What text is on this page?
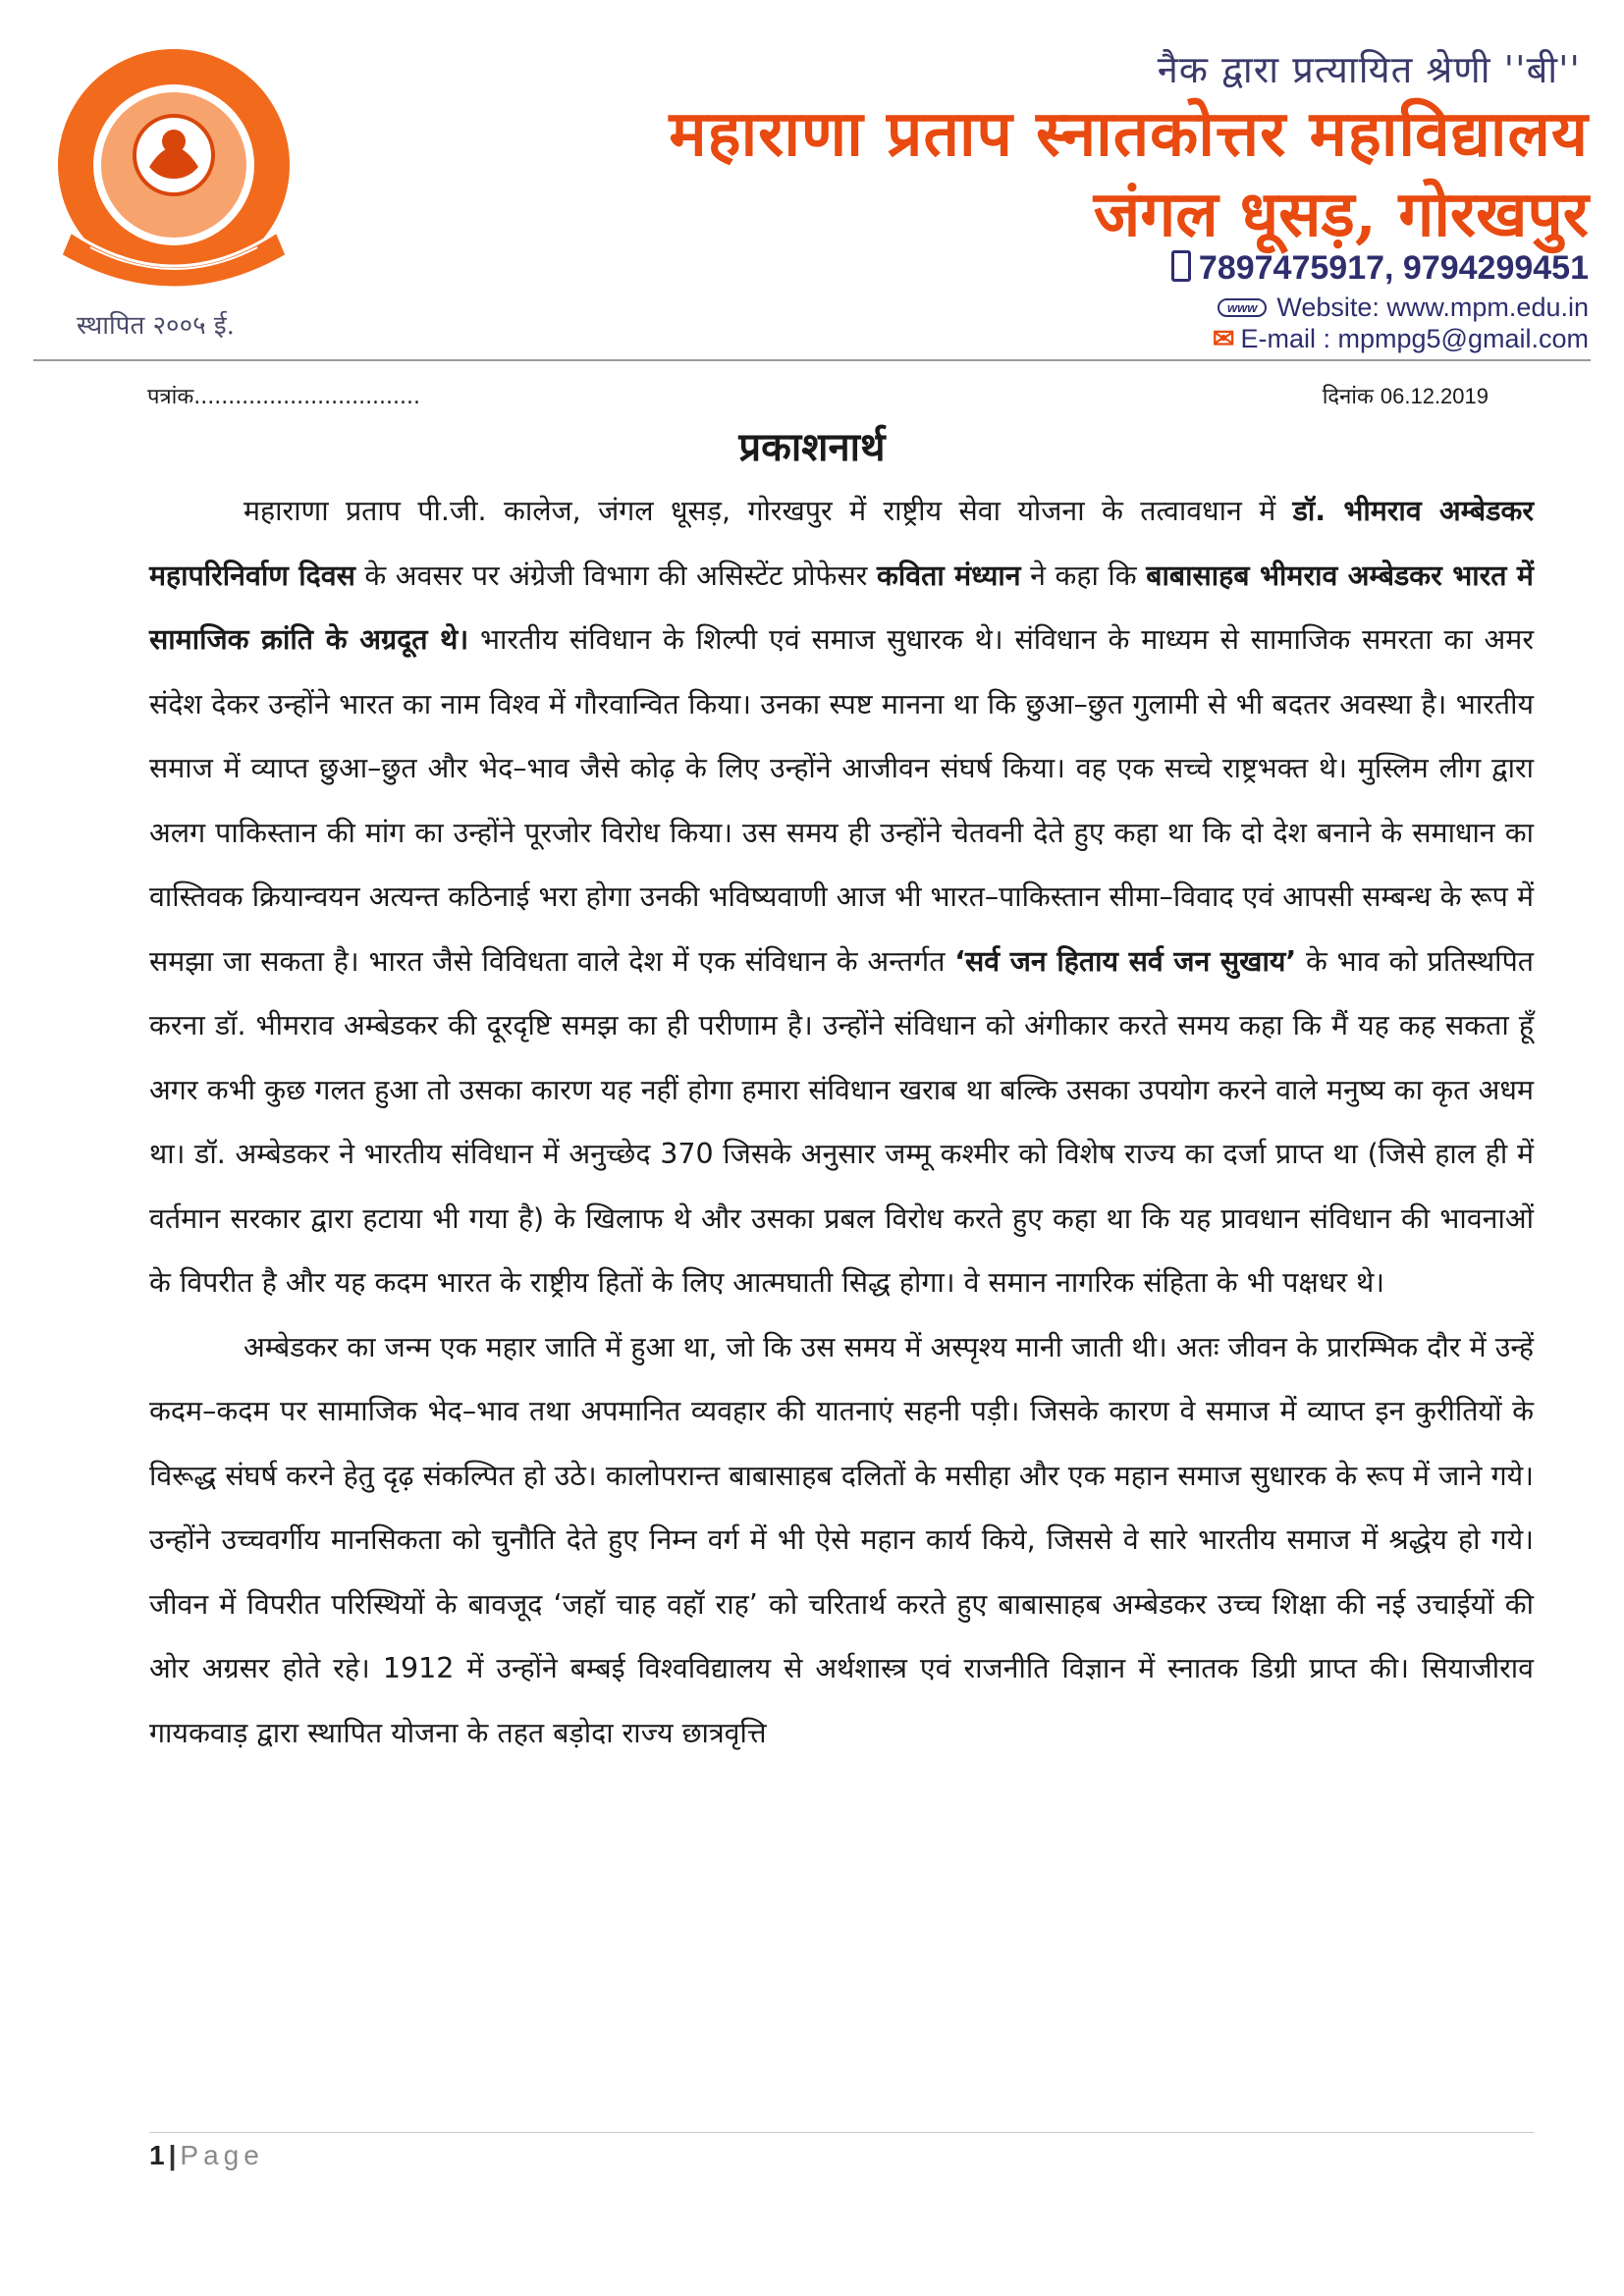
स्थापित २००५ ई.
नैक द्वारा प्रत्यायित श्रेणी ''बी''
महाराणा प्रताप स्नातकोत्तर महाविद्यालय
जंगल धूसड़, गोरखपुर
7897475917, 9794299451
www Website: www.mpm.edu.in
✉ E-mail : mpmpg5@gmail.com
पत्रांक.................................	दिनांक 06.12.2019
प्रकाशनार्थ

महाराणा प्रताप पी.जी. कालेज, जंगल धूसड़, गोरखपुर में राष्ट्रीय सेवा योजना के तत्वावधान में डॉ. भीमराव अम्बेडकर महापरिनिर्वाण दिवस के अवसर पर अंग्रेजी विभाग की असिस्टेंट प्रोफेसर कविता मंध्यान ने कहा कि बाबासाहब भीमराव अम्बेडकर भारत में सामाजिक क्रांति के अग्रदूत थे। भारतीय संविधान के शिल्पी एवं समाज सुधारक थे। संविधान के माध्यम से सामाजिक समरता का अमर संदेश देकर उन्होंने भारत का नाम विश्व में गौरवान्वित किया। उनका स्पष्ट मानना था कि छुआ–छुत गुलामी से भी बदतर अवस्था है। भारतीय समाज में व्याप्त छुआ–छुत और भेद–भाव जैसे कोढ़ के लिए उन्होंने आजीवन संघर्ष किया। वह एक सच्चे राष्ट्रभक्त थे। मुस्लिम लीग द्वारा अलग पाकिस्तान की मांग का उन्होंने पूरजोर विरोध किया। उस समय ही उन्होंने चेतवनी देते हुए कहा था कि दो देश बनाने के समाधान का वास्तिवक क्रियान्वयन अत्यन्त कठिनाई भरा होगा उनकी भविष्यवाणी आज भी भारत–पाकिस्तान सीमा–विवाद एवं आपसी सम्बन्ध के रूप में समझा जा सकता है। भारत जैसे विविधता वाले देश में एक संविधान के अन्तर्गत ‘सर्व जन हिताय सर्व जन सुखाय’ के भाव को प्रतिस्थपित करना डॉ. भीमराव अम्बेडकर की दूरदृष्टि समझ का ही परीणाम है। उन्होंने संविधान को अंगीकार करते समय कहा कि मैं यह कह सकता हूँ अगर कभी कुछ गलत हुआ तो उसका कारण यह नहीं होगा हमारा संविधान खराब था बल्कि उसका उपयोग करने वाले मनुष्य का कृत अधम था। डॉ. अम्बेडकर ने भारतीय संविधान में अनुच्छेद 370 जिसके अनुसार जम्मू कश्मीर को विशेष राज्य का दर्जा प्राप्त था (जिसे हाल ही में वर्तमान सरकार द्वारा हटाया भी गया है) के खिलाफ थे और उसका प्रबल विरोध करते हुए कहा था कि यह प्रावधान संविधान की भावनाओं के विपरीत है और यह कदम भारत के राष्ट्रीय हितों के लिए आत्मघाती सिद्ध होगा। वे समान नागरिक संहिता के भी पक्षधर थे।

अम्बेडकर का जन्म एक महार जाति में हुआ था, जो कि उस समय में अस्पृश्य मानी जाती थी। अतः जीवन के प्रारम्भिक दौर में उन्हें कदम–कदम पर सामाजिक भेद–भाव तथा अपमानित व्यवहार की यातनाएं सहनी पड़ी। जिसके कारण वे समाज में व्याप्त इन कुरीतियों के विरूद्ध संघर्ष करने हेतु दृढ़ संकल्पित हो उठे। कालोपरान्त बाबासाहब दलितों के मसीहा और एक महान समाज सुधारक के रूप में जाने गये। उन्होंने उच्चवर्गीय मानसिकता को चुनौति देते हुए निम्न वर्ग में भी ऐसे महान कार्य किये, जिससे वे सारे भारतीय समाज में श्रद्धेय हो गये। जीवन में विपरीत परिस्थियों के बावजूद ‘जहॉ चाह वहॉ राह’ को चरितार्थ करते हुए बाबासाहब अम्बेडकर उच्च शिक्षा की नई उचाईयों की ओर अग्रसर होते रहे। 1912 में उन्होंने बम्बई विश्वविद्यालय से अर्थशास्त्र एवं राजनीति विज्ञान में स्नातक डिग्री प्राप्त की। सियाजीराव गायकवाड़ द्वारा स्थापित योजना के तहत बड़ोदा राज्य छात्रवृत्ति

1 | Page
